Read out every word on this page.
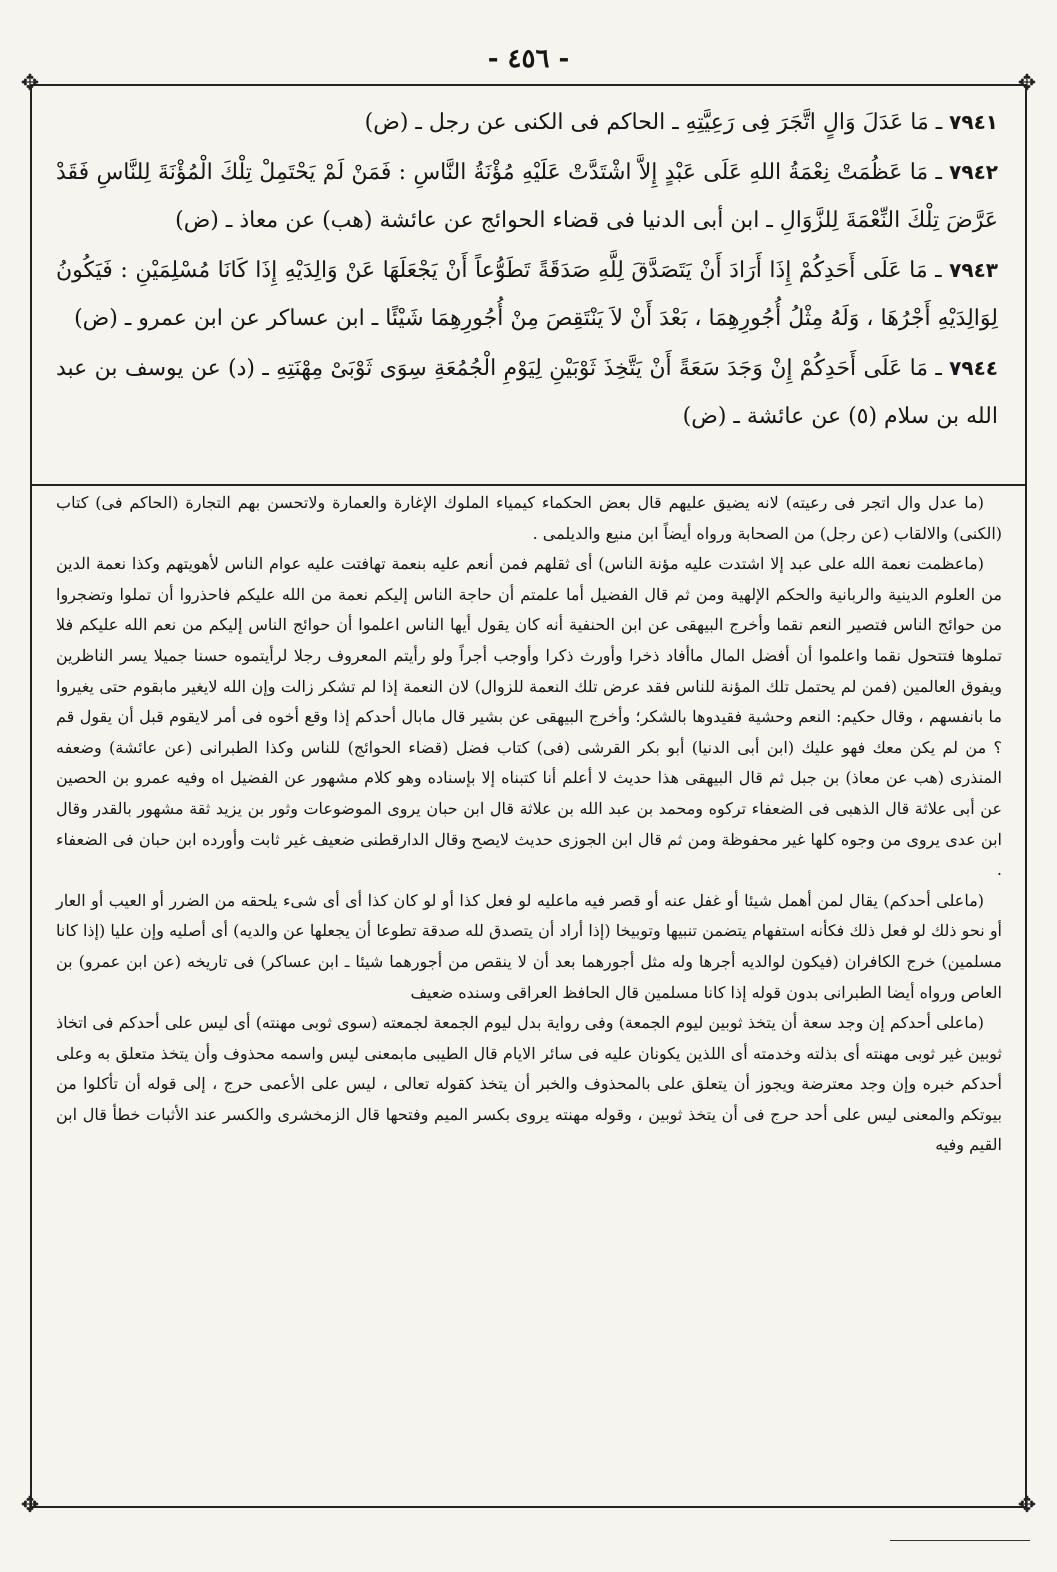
- ٤٥٦ -
✥	✥
✥	✥

٧٩٤١ ـ مَا عَدَلَ وَالٍ اتَّجَرَ فِى رَعِيَّتِهِ ـ الحاكم فى الكنى عن رجل ـ (ض)

٧٩٤٢ ـ مَا عَظُمَتْ نِعْمَةُ اللهِ عَلَى عَبْدٍ إِلاَّ اشْتَدَّتْ عَلَيْهِ مُؤْنَةُ النَّاسِ : فَمَنْ لَمْ يَحْتَمِلْ تِلْكَ الْمُؤْنَةَ لِلنَّاسِ فَقَدْ عَرَّضَ تِلْكَ النِّعْمَةَ لِلزَّوَالِ ـ ابن أبى الدنيا فى قضاء الحوائج عن عائشة (هب) عن معاذ ـ (ض)

٧٩٤٣ ـ مَا عَلَى أَحَدِكُمْ إِذَا أَرَادَ أَنْ يَتَصَدَّقَ لِلَّهِ صَدَقَةً تَطَوُّعاً أَنْ يَجْعَلَهَا عَنْ وَالِدَيْهِ إِذَا كَانَا مُسْلِمَيْنِ : فَيَكُونُ لِوَالِدَيْهِ أَجْرُهَا ، وَلَهُ مِثْلُ أُجُورِهِمَا ، بَعْدَ أَنْ لاَ يَنْتَقِصَ مِنْ أُجُورِهِمَا شَيْئًا ـ ابن عساكر عن ابن عمرو ـ (ض)

٧٩٤٤ ـ مَا عَلَى أَحَدِكُمْ إِنْ وَجَدَ سَعَةً أَنْ يَتَّخِذَ ثَوْبَيْنِ لِيَوْمِ الْجُمُعَةِ سِوَى ثَوْبَىْ مِهْنَتِهِ ـ (د) عن يوسف بن عبد الله بن سلام (٥) عن عائشة ـ (ض)

(ما عدل وال اتجر فى رعيته) لانه يضيق عليهم قال بعض الحكماء كيمياء الملوك الإغارة والعمارة ولاتحسن بهم التجارة (الحاكم فى) كتاب (الكنى) والالقاب (عن رجل) من الصحابة ورواه أيضاً ابن منيع والديلمى .

(ماعظمت نعمة الله على عبد إلا اشتدت عليه مؤنة الناس) أى ثقلهم فمن أنعم عليه بنعمة تهافتت عليه عوام الناس لأهويتهم وكذا نعمة الدين من العلوم الدينية والربانية والحكم الإلهية ومن ثم قال الفضيل أما علمتم أن حاجة الناس إليكم نعمة من الله عليكم فاحذروا أن تملوا وتضجروا من حوائج الناس فتصير النعم نقما وأخرج البيهقى عن ابن الحنفية أنه كان يقول أيها الناس اعلموا أن حوائج الناس إليكم من نعم الله عليكم فلا تملوها فتتحول نقما واعلموا أن أفضل المال ماأفاد ذخرا وأورث ذكرا وأوجب أجراً ولو رأيتم المعروف رجلا لرأيتموه حسنا جميلا يسر الناظرين ويفوق العالمين (فمن لم يحتمل تلك المؤنة للناس فقد عرض تلك النعمة للزوال) لان النعمة إذا لم تشكر زالت وإن الله لايغير مابقوم حتى يغيروا ما بانفسهم ، وقال حكيم: النعم وحشية فقيدوها بالشكر؛ وأخرج البيهقى عن بشير قال مابال أحدكم إذا وقع أخوه فى أمر لايقوم قبل أن يقول قم ؟ من لم يكن معك فهو عليك (ابن أبى الدنيا) أبو بكر القرشى (فى) كتاب فضل (قضاء الحوائج) للناس وكذا الطبرانى (عن عائشة) وضعفه المنذرى (هب عن معاذ) بن جبل ثم قال البيهقى هذا حديث لا أعلم أنا كتبناه إلا بإسناده وهو كلام مشهور عن الفضيل اه وفيه عمرو بن الحصين عن أبى علاثة قال الذهبى فى الضعفاء تركوه ومحمد بن عبد الله بن علاثة قال ابن حبان يروى الموضوعات وثور بن يزيد ثقة مشهور بالقدر وقال ابن عدى يروى من وجوه كلها غير محفوظة ومن ثم قال ابن الجوزى حديث لايصح وقال الدارقطنى ضعيف غير ثابت وأورده ابن حبان فى الضعفاء .

(ماعلى أحدكم) يقال لمن أهمل شيئا أو غفل عنه أو قصر فيه ماعليه لو فعل كذا أو لو كان كذا أى أى شىء يلحقه من الضرر أو العيب أو العار أو نحو ذلك لو فعل ذلك فكأنه استفهام يتضمن تنبيها وتوبيخا (إذا أراد أن يتصدق لله صدقة تطوعا أن يجعلها عن والديه) أى أصليه وإن عليا (إذا كانا مسلمين) خرج الكافران (فيكون لوالديه أجرها وله مثل أجورهما بعد أن لا ينقص من أجورهما شيئا ـ ابن عساكر) فى تاريخه (عن ابن عمرو) بن العاص ورواه أيضا الطبرانى بدون قوله إذا كانا مسلمين قال الحافظ العراقى وسنده ضعيف

(ماعلى أحدكم إن وجد سعة أن يتخذ ثوبين ليوم الجمعة) وفى رواية بدل ليوم الجمعة لجمعته (سوى ثوبى مهنته) أى ليس على أحدكم فى اتخاذ ثوبين غير ثوبى مهنته أى بذلته وخدمته أى اللذين يكونان عليه فى سائر الايام قال الطيبى مابمعنى ليس واسمه محذوف وأن يتخذ متعلق به وعلى أحدكم خبره وإن وجد معترضة ويجوز أن يتعلق على بالمحذوف والخبر أن يتخذ كقوله تعالى ، ليس على الأعمى حرج ، إلى قوله أن تأكلوا من بيوتكم والمعنى ليس على أحد حرج فى أن يتخذ ثوبين ، وقوله مهنته يروى بكسر الميم وفتحها قال الزمخشرى والكسر عند الأثبات خطأ قال ابن القيم وفيه
